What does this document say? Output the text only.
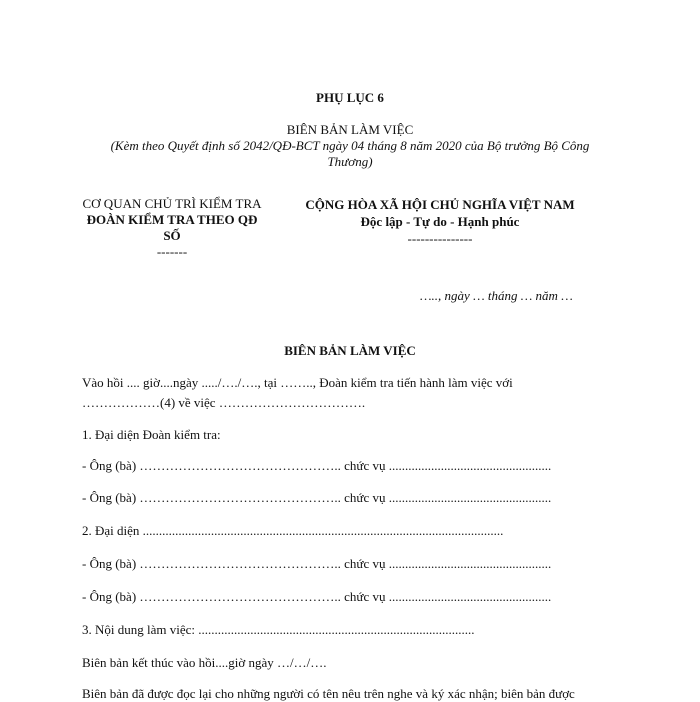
PHỤ LỤC 6
BIÊN BẢN LÀM VIỆC
(Kèm theo Quyết định số 2042/QĐ-BCT ngày 04 tháng 8 năm 2020 của Bộ trưởng Bộ Công Thương)
CƠ QUAN CHỦ TRÌ KIỂM TRA
ĐOÀN KIỂM TRA THEO QĐ SỐ
-------
CỘNG HÒA XÃ HỘI CHỦ NGHĨA VIỆT NAM
Độc lập - Tự do - Hạnh phúc
---------------
….., ngày … tháng … năm …
BIÊN BẢN LÀM VIỆC
Vào hồi .... giờ....ngày ...../…./…., tại …….., Đoàn kiểm tra tiến hành làm việc với
………………(4) về việc …………………………….
1. Đại diện Đoàn kiểm tra:
- Ông (bà) ……………………………………….. chức vụ ..................................................
- Ông (bà) ……………………………………….. chức vụ ..................................................
2. Đại diện ...............................................................................................................
- Ông (bà) ……………………………………….. chức vụ ..................................................
- Ông (bà) ……………………………………….. chức vụ ..................................................
3. Nội dung làm việc: .....................................................................................
Biên bản kết thúc vào hồi....giờ ngày …/…/….
Biên bản đã được đọc lại cho những người có tên nêu trên nghe và ký xác nhận; biên bản được
